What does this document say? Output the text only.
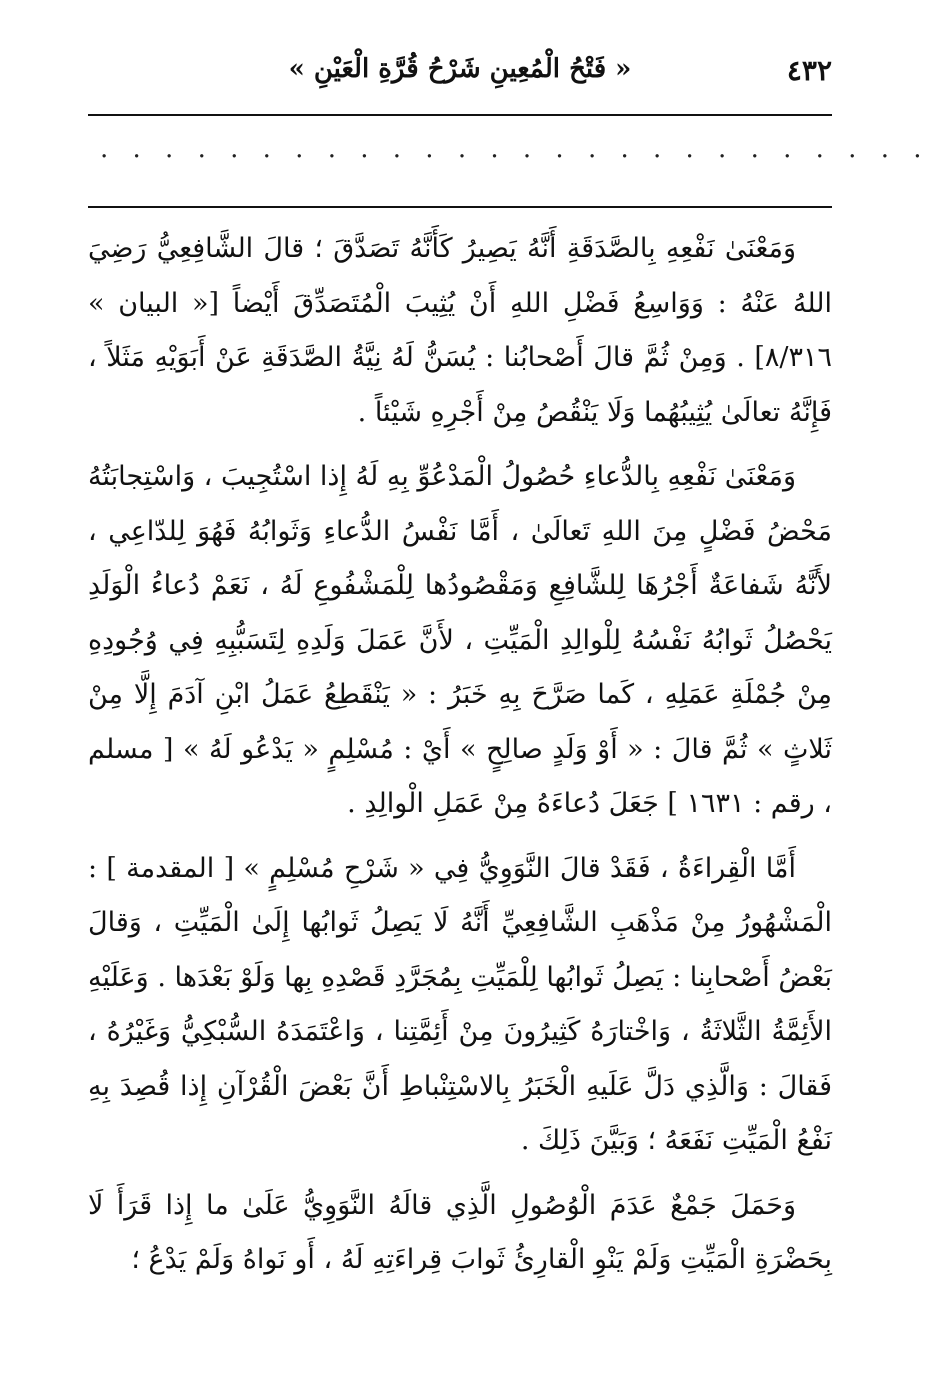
٤٣٢
« فَتْحُ الْمُعِينِ شَرْحُ قُرَّةِ الْعَيْنِ »
. . . . . . . . . . . . . . . . . . . . . . . . . .

وَمَعْنَىٰ نَفْعِهِ بِالصَّدَقَةِ أَنَّهُ يَصِيرُ كَأَنَّهُ تَصَدَّقَ ؛ قالَ الشَّافِعِيُّ رَضِيَ اللهُ عَنْهُ : وَوَاسِعُ فَضْلِ اللهِ أَنْ يُثِيبَ الْمُتَصَدِّقَ أَيْضاً [« البيان » ٨/٣١٦] . وَمِنْ ثُمَّ قالَ أَصْحابُنا : يُسَنُّ لَهُ نِيَّةُ الصَّدَقَةِ عَنْ أَبَوَيْهِ مَثَلاً ، فَإِنَّهُ تعالَىٰ يُثِيبُهُما وَلَا يَنْقُصُ مِنْ أَجْرِهِ شَيْئاً .

وَمَعْنَىٰ نَفْعِهِ بِالدُّعاءِ حُصُولُ الْمَدْعُوِّ بِهِ لَهُ إِذا اسْتُجِيبَ ، وَاسْتِجابَتُهُ مَحْضُ فَضْلٍ مِنَ اللهِ تَعالَىٰ ، أَمَّا نَفْسُ الدُّعاءِ وَثَوابُهُ فَهُوَ لِلدّاعِي ، لأَنَّهُ شَفاعَةٌ أَجْرُهَا لِلشَّافِعِ وَمَقْصُودُها لِلْمَشْفُوعِ لَهُ ، نَعَمْ دُعاءُ الْوَلَدِ يَحْصُلُ ثَوابُهُ نَفْسُهُ لِلْوالِدِ الْمَيِّتِ ، لأَنَّ عَمَلَ وَلَدِهِ لِتَسَبُّبِهِ فِي وُجُودِهِ مِنْ جُمْلَةِ عَمَلِهِ ، كَما صَرَّحَ بِهِ خَبَرُ : « يَنْقَطِعُ عَمَلُ ابْنِ آدَمَ إِلَّا مِنْ ثَلاثٍ » ثُمَّ قالَ : « أَوْ وَلَدٍ صالِحٍ » أَيْ : مُسْلِمٍ « يَدْعُو لَهُ » [ مسلم ، رقم : ١٦٣١ ] جَعَلَ دُعاءَهُ مِنْ عَمَلِ الْوالِدِ .

أَمَّا الْقِراءَةُ ، فَقَدْ قالَ النَّوَوِيُّ فِي « شَرْحِ مُسْلِمٍ » [ المقدمة ] : الْمَشْهُورُ مِنْ مَذْهَبِ الشَّافِعِيِّ أَنَّهُ لَا يَصِلُ ثَوابُها إِلَىٰ الْمَيِّتِ ، وَقالَ بَعْضُ أَصْحابِنا : يَصِلُ ثَوابُها لِلْمَيِّتِ بِمُجَرَّدِ قَصْدِهِ بِها وَلَوْ بَعْدَها . وَعَلَيْهِ الأَئِمَّةُ الثَّلاثَةُ ، وَاخْتارَهُ كَثِيرُونَ مِنْ أَئِمَّتِنا ، وَاعْتَمَدَهُ السُّبْكِيُّ وَغَيْرُهُ ، فَقالَ : وَالَّذِي دَلَّ عَلَيهِ الْخَبَرُ بِالاسْتِنْباطِ أَنَّ بَعْضَ الْقُرْآنِ إِذا قُصِدَ بِهِ نَفْعُ الْمَيِّتِ نَفَعَهُ ؛ وَبَيَّنَ ذَلِكَ .

وَحَمَلَ جَمْعٌ عَدَمَ الْوُصُولِ الَّذِي قالَهُ النَّوَوِيُّ عَلَىٰ ما إِذا قَرَأَ لَا بِحَضْرَةِ الْمَيِّتِ وَلَمْ يَنْوِ الْقارِئُ ثَوابَ قِراءَتِهِ لَهُ ، أَو نَواهُ وَلَمْ يَدْعُ ؛
